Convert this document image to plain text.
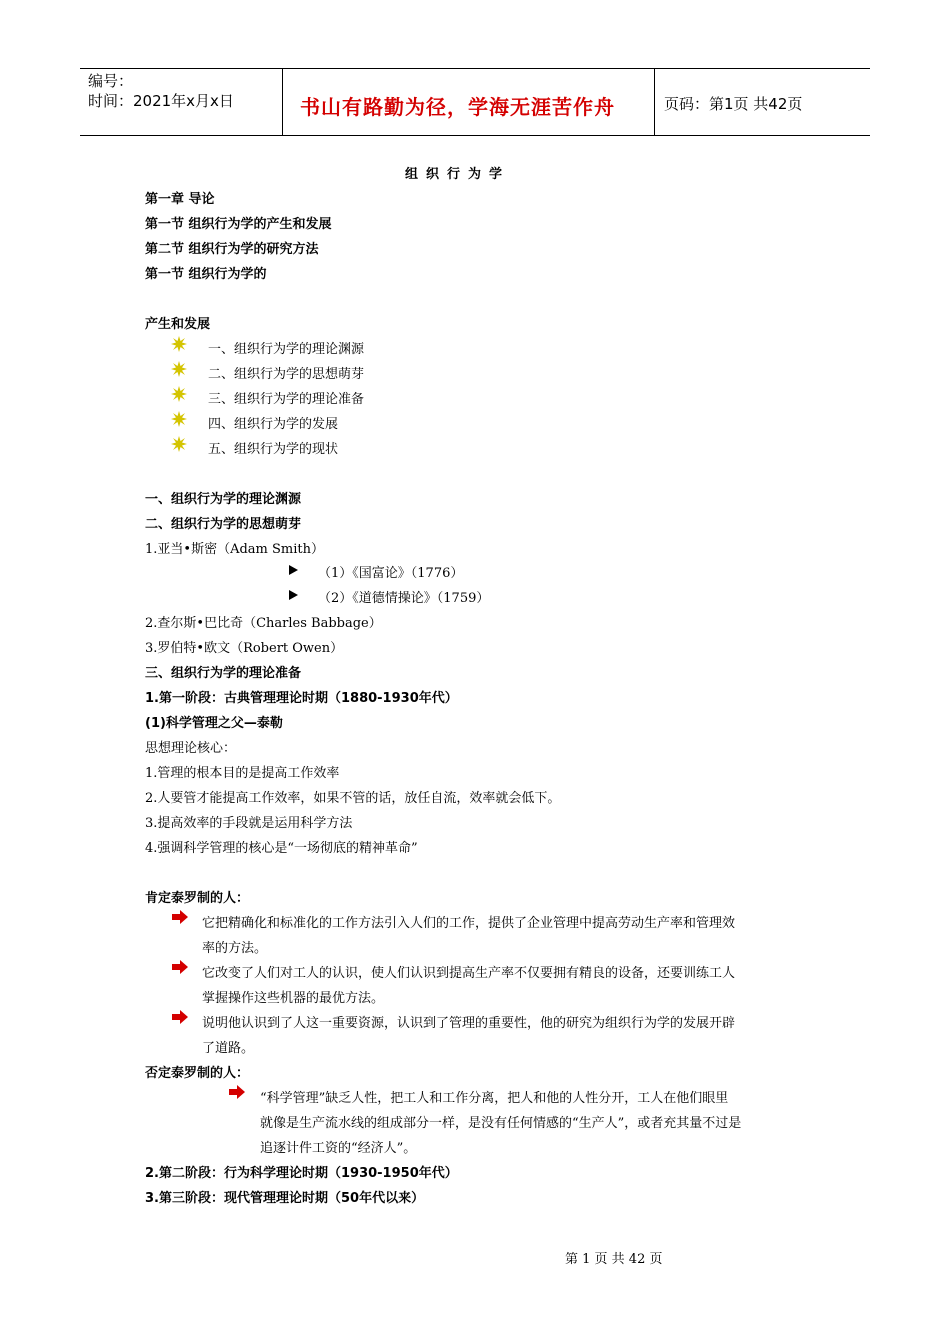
编号：
时间：2021年x月x日	书山有路勤为径，学海无涯苦作舟	页码：第1页 共42页
组织行为学
第一章 导论
第一节 组织行为学的产生和发展
第二节 组织行为学的研究方法
第一节 组织行为学的
产生和发展
一、组织行为学的理论渊源
二、组织行为学的思想萌芽
三、组织行为学的理论准备
四、组织行为学的发展
五、组织行为学的现状
一、组织行为学的理论渊源
二、组织行为学的思想萌芽
1.亚当•斯密（Adam Smith）
（1）《国富论》（1776）
（2）《道德情操论》（1759）
2.查尔斯•巴比奇（Charles Babbage）
3.罗伯特•欧文（Robert Owen）
三、组织行为学的理论准备
1.第一阶段：古典管理理论时期（1880-1930年代）
(1)科学管理之父—泰勒
思想理论核心：
1.管理的根本目的是提高工作效率
2.人要管才能提高工作效率，如果不管的话，放任自流，效率就会低下。
3.提高效率的手段就是运用科学方法
4.强调科学管理的核心是“一场彻底的精神革命”
肯定泰罗制的人：
它把精确化和标准化的工作方法引入人们的工作，提供了企业管理中提高劳动生产率和管理效
率的方法。
它改变了人们对工人的认识，使人们认识到提高生产率不仅要拥有精良的设备，还要训练工人
掌握操作这些机器的最优方法。
说明他认识到了人这一重要资源，认识到了管理的重要性，他的研究为组织行为学的发展开辟
了道路。
否定泰罗制的人：
“科学管理”缺乏人性，把工人和工作分离，把人和他的人性分开，工人在他们眼里
就像是生产流水线的组成部分一样，是没有任何情感的“生产人”，或者充其量不过是
追逐计件工资的“经济人”。
2.第二阶段：行为科学理论时期（1930-1950年代）
3.第三阶段：现代管理理论时期（50年代以来）
第 1 页 共 42 页
